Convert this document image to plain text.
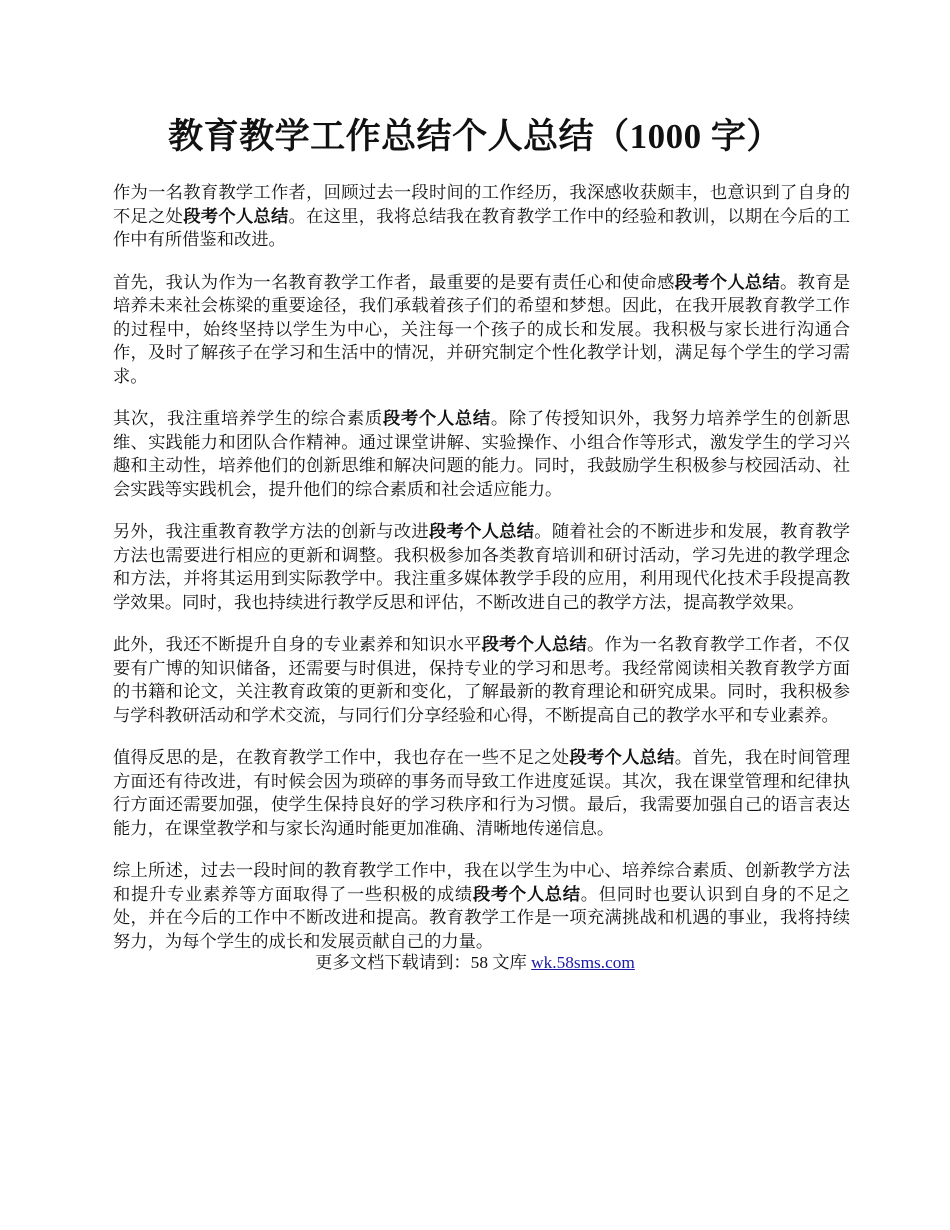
教育教学工作总结个人总结（1000 字）

作为一名教育教学工作者，回顾过去一段时间的工作经历，我深感收获颇丰，也意识到了自身的不足之处段考个人总结。在这里，我将总结我在教育教学工作中的经验和教训，以期在今后的工作中有所借鉴和改进。

首先，我认为作为一名教育教学工作者，最重要的是要有责任心和使命感段考个人总结。教育是培养未来社会栋梁的重要途径，我们承载着孩子们的希望和梦想。因此，在我开展教育教学工作的过程中，始终坚持以学生为中心，关注每一个孩子的成长和发展。我积极与家长进行沟通合作，及时了解孩子在学习和生活中的情况，并研究制定个性化教学计划，满足每个学生的学习需求。

其次，我注重培养学生的综合素质段考个人总结。除了传授知识外，我努力培养学生的创新思维、实践能力和团队合作精神。通过课堂讲解、实验操作、小组合作等形式，激发学生的学习兴趣和主动性，培养他们的创新思维和解决问题的能力。同时，我鼓励学生积极参与校园活动、社会实践等实践机会，提升他们的综合素质和社会适应能力。

另外，我注重教育教学方法的创新与改进段考个人总结。随着社会的不断进步和发展，教育教学方法也需要进行相应的更新和调整。我积极参加各类教育培训和研讨活动，学习先进的教学理念和方法，并将其运用到实际教学中。我注重多媒体教学手段的应用，利用现代化技术手段提高教学效果。同时，我也持续进行教学反思和评估，不断改进自己的教学方法，提高教学效果。

此外，我还不断提升自身的专业素养和知识水平段考个人总结。作为一名教育教学工作者，不仅要有广博的知识储备，还需要与时俱进，保持专业的学习和思考。我经常阅读相关教育教学方面的书籍和论文，关注教育政策的更新和变化，了解最新的教育理论和研究成果。同时，我积极参与学科教研活动和学术交流，与同行们分享经验和心得，不断提高自己的教学水平和专业素养。

值得反思的是，在教育教学工作中，我也存在一些不足之处段考个人总结。首先，我在时间管理方面还有待改进，有时候会因为琐碎的事务而导致工作进度延误。其次，我在课堂管理和纪律执行方面还需要加强，使学生保持良好的学习秩序和行为习惯。最后，我需要加强自己的语言表达能力，在课堂教学和与家长沟通时能更加准确、清晰地传递信息。

综上所述，过去一段时间的教育教学工作中，我在以学生为中心、培养综合素质、创新教学方法和提升专业素养等方面取得了一些积极的成绩段考个人总结。但同时也要认识到自身的不足之处，并在今后的工作中不断改进和提高。教育教学工作是一项充满挑战和机遇的事业，我将持续努力，为每个学生的成长和发展贡献自己的力量。

更多文档下载请到：58 文库 wk.58sms.com
